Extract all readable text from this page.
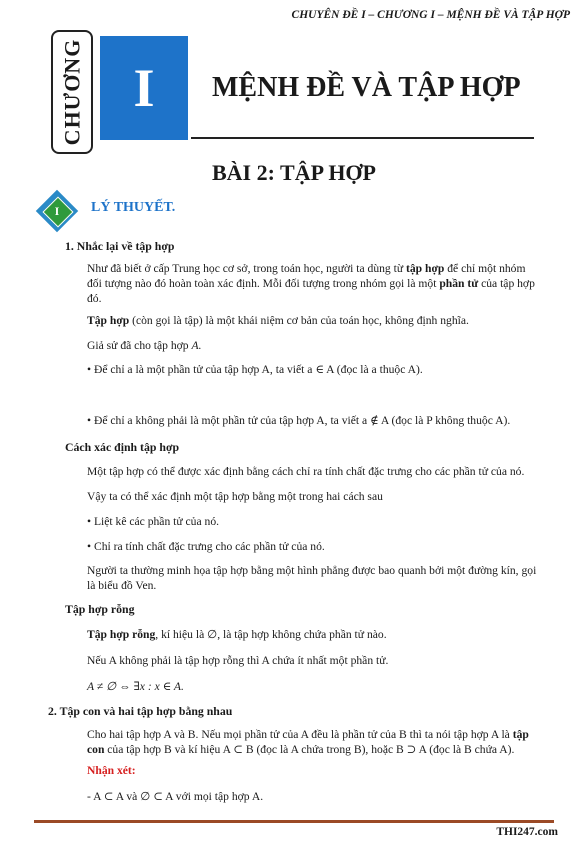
CHUYÊN ĐỀ I – CHƯƠNG I – MỆNH ĐỀ VÀ TẬP HỢP
CHƯƠNG I	MỆNH ĐỀ VÀ TẬP HỢP
BÀI 2: TẬP HỢP
I	LÝ THUYẾT.
1. Nhắc lại về tập hợp
Như đã biết ở cấp Trung học cơ sở, trong toán học, người ta dùng từ tập hợp để chỉ một nhóm
đối tượng nào đó hoàn toàn xác định. Mỗi đối tượng trong nhóm gọi là một phần tử của tập hợp
đó.
Tập hợp (còn gọi là tập) là một khái niệm cơ bản của toán học, không định nghĩa.
Giả sử đã cho tập hợp A.
• Để chỉ a là một phần tử của tập hợp A, ta viết a ∈ A (đọc là a thuộc A).
• Để chỉ a không phải là một phần tử của tập hợp A, ta viết a ∉ A (đọc là P không thuộc A).
Cách xác định tập hợp
Một tập hợp có thể được xác định bằng cách chỉ ra tính chất đặc trưng cho các phần tử của nó.
Vậy ta có thể xác định một tập hợp bằng một trong hai cách sau
• Liệt kê các phần tử của nó.
• Chỉ ra tính chất đặc trưng cho các phần tử của nó.
Người ta thường minh họa tập hợp bằng một hình phẳng được bao quanh bởi một đường kín, gọi
là biểu đồ Ven.
Tập hợp rỗng
Tập hợp rỗng, kí hiệu là ∅, là tập hợp không chứa phần tử nào.
Nếu A không phải là tập hợp rỗng thì A chứa ít nhất một phần tử.
A ≠ ∅ ⇔ ∃x : x ∈ A.
2. Tập con và hai tập hợp bằng nhau
Cho hai tập hợp A và B. Nếu mọi phần tử của A đều là phần tử của B thì ta nói tập hợp A là tập
con của tập hợp B và kí hiệu A ⊂ B (đọc là A chứa trong B), hoặc B ⊃ A (đọc là B chứa A).
Nhận xét:
- A ⊂ A và ∅ ⊂ A với mọi tập hợp A.
THI247.com
